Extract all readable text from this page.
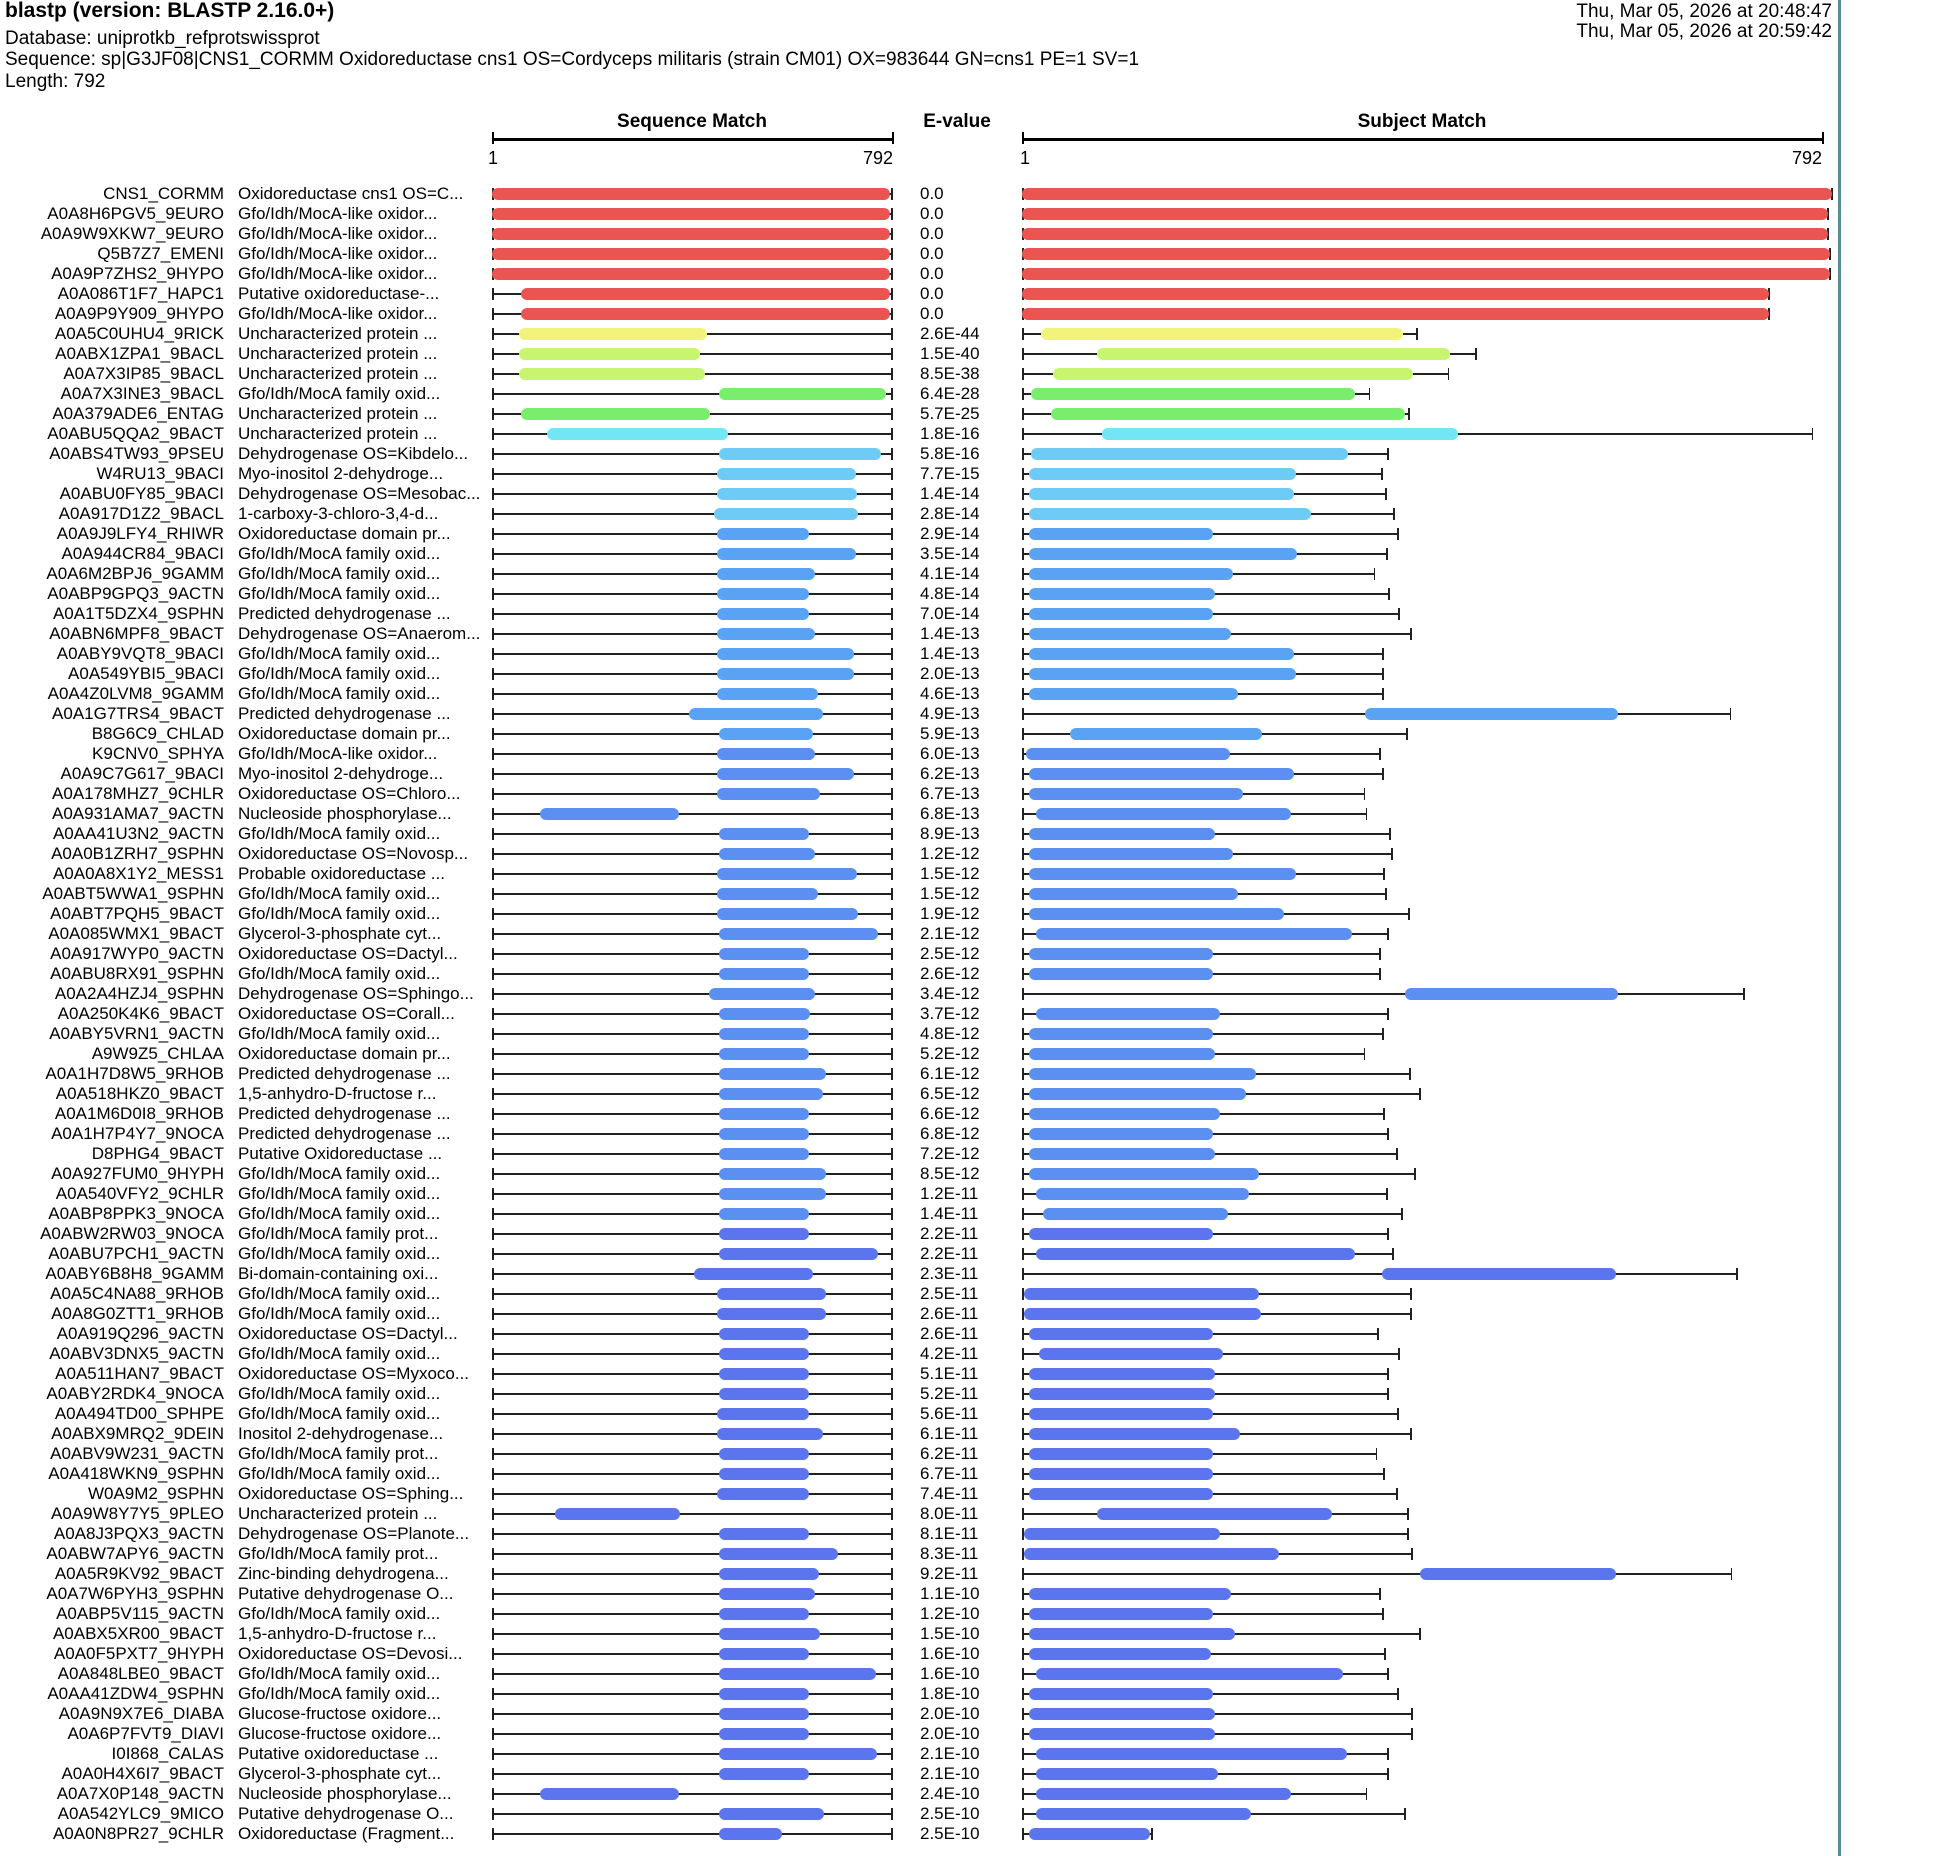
blastp (version: BLASTP 2.16.0+)
Database: uniprotkb_refprotswissprot
Sequence: sp|G3JF08|CNS1_CORMM Oxidoreductase cns1 OS=Cordyceps militaris (strain CM01) OX=983644 GN=cns1 PE=1 SV=1
Length: 792
Thu, Mar 05, 2026 at 20:48:47
Thu, Mar 05, 2026 at 20:59:42
Sequence Match	E-value	Subject Match
1	792	1	792
CNS1_CORMM Oxidoreductase cns1 OS=C...	0.0
A0A8H6PGV5_9EURO Gfo/Idh/MocA-like oxidor...	0.0
A0A9W9XKW7_9EURO Gfo/Idh/MocA-like oxidor...	0.0
Q5B7Z7_EMENI Gfo/Idh/MocA-like oxidor...	0.0
A0A9P7ZHS2_9HYPO Gfo/Idh/MocA-like oxidor...	0.0
A0A086T1F7_HAPC1 Putative oxidoreductase-...	0.0
A0A9P9Y909_9HYPO Gfo/Idh/MocA-like oxidor...	0.0
A0A5C0UHU4_9RICK Uncharacterized protein ...	2.6E-44
A0ABX1ZPA1_9BACL Uncharacterized protein ...	1.5E-40
A0A7X3IP85_9BACL Uncharacterized protein ...	8.5E-38
A0A7X3INE3_9BACL Gfo/Idh/MocA family oxid...	6.4E-28
A0A379ADE6_ENTAG Uncharacterized protein ...	5.7E-25
A0ABU5QQA2_9BACT Uncharacterized protein ...	1.8E-16
A0ABS4TW93_9PSEU Dehydrogenase OS=Kibdelo...	5.8E-16
W4RU13_9BACI Myo-inositol 2-dehydroge...	7.7E-15
A0ABU0FY85_9BACI Dehydrogenase OS=Mesobac...	1.4E-14
A0A917D1Z2_9BACL 1-carboxy-3-chloro-3,4-d...	2.8E-14
A0A9J9LFY4_RHIWR Oxidoreductase domain pr...	2.9E-14
A0A944CR84_9BACI Gfo/Idh/MocA family oxid...	3.5E-14
A0A6M2BPJ6_9GAMM Gfo/Idh/MocA family oxid...	4.1E-14
A0ABP9GPQ3_9ACTN Gfo/Idh/MocA family oxid...	4.8E-14
A0A1T5DZX4_9SPHN Predicted dehydrogenase ...	7.0E-14
A0ABN6MPF8_9BACT Dehydrogenase OS=Anaerom...	1.4E-13
A0ABY9VQT8_9BACI Gfo/Idh/MocA family oxid...	1.4E-13
A0A549YBI5_9BACI Gfo/Idh/MocA family oxid...	2.0E-13
A0A4Z0LVM8_9GAMM Gfo/Idh/MocA family oxid...	4.6E-13
A0A1G7TRS4_9BACT Predicted dehydrogenase ...	4.9E-13
B8G6C9_CHLAD Oxidoreductase domain pr...	5.9E-13
K9CNV0_SPHYA Gfo/Idh/MocA-like oxidor...	6.0E-13
A0A9C7G617_9BACI Myo-inositol 2-dehydroge...	6.2E-13
A0A178MHZ7_9CHLR Oxidoreductase OS=Chloro...	6.7E-13
A0A931AMA7_9ACTN Nucleoside phosphorylase...	6.8E-13
A0AA41U3N2_9ACTN Gfo/Idh/MocA family oxid...	8.9E-13
A0A0B1ZRH7_9SPHN Oxidoreductase OS=Novosp...	1.2E-12
A0A0A8X1Y2_MESS1 Probable oxidoreductase ...	1.5E-12
A0ABT5WWA1_9SPHN Gfo/Idh/MocA family oxid...	1.5E-12
A0ABT7PQH5_9BACT Gfo/Idh/MocA family oxid...	1.9E-12
A0A085WMX1_9BACT Glycerol-3-phosphate cyt...	2.1E-12
A0A917WYP0_9ACTN Oxidoreductase OS=Dactyl...	2.5E-12
A0ABU8RX91_9SPHN Gfo/Idh/MocA family oxid...	2.6E-12
A0A2A4HZJ4_9SPHN Dehydrogenase OS=Sphingo...	3.4E-12
A0A250K4K6_9BACT Oxidoreductase OS=Corall...	3.7E-12
A0ABY5VRN1_9ACTN Gfo/Idh/MocA family oxid...	4.8E-12
A9W9Z5_CHLAA Oxidoreductase domain pr...	5.2E-12
A0A1H7D8W5_9RHOB Predicted dehydrogenase ...	6.1E-12
A0A518HKZ0_9BACT 1,5-anhydro-D-fructose r...	6.5E-12
A0A1M6D0I8_9RHOB Predicted dehydrogenase ...	6.6E-12
A0A1H7P4Y7_9NOCA Predicted dehydrogenase ...	6.8E-12
D8PHG4_9BACT Putative Oxidoreductase ...	7.2E-12
A0A927FUM0_9HYPH Gfo/Idh/MocA family oxid...	8.5E-12
A0A540VFY2_9CHLR Gfo/Idh/MocA family oxid...	1.2E-11
A0ABP8PPK3_9NOCA Gfo/Idh/MocA family oxid...	1.4E-11
A0ABW2RW03_9NOCA Gfo/Idh/MocA family prot...	2.2E-11
A0ABU7PCH1_9ACTN Gfo/Idh/MocA family oxid...	2.2E-11
A0ABY6B8H8_9GAMM Bi-domain-containing oxi...	2.3E-11
A0A5C4NA88_9RHOB Gfo/Idh/MocA family oxid...	2.5E-11
A0A8G0ZTT1_9RHOB Gfo/Idh/MocA family oxid...	2.6E-11
A0A919Q296_9ACTN Oxidoreductase OS=Dactyl...	2.6E-11
A0ABV3DNX5_9ACTN Gfo/Idh/MocA family oxid...	4.2E-11
A0A511HAN7_9BACT Oxidoreductase OS=Myxoco...	5.1E-11
A0ABY2RDK4_9NOCA Gfo/Idh/MocA family oxid...	5.2E-11
A0A494TD00_SPHPE Gfo/Idh/MocA family oxid...	5.6E-11
A0ABX9MRQ2_9DEIN Inositol 2-dehydrogenase...	6.1E-11
A0ABV9W231_9ACTN Gfo/Idh/MocA family prot...	6.2E-11
A0A418WKN9_9SPHN Gfo/Idh/MocA family oxid...	6.7E-11
W0A9M2_9SPHN Oxidoreductase OS=Sphing...	7.4E-11
A0A9W8Y7Y5_9PLEO Uncharacterized protein ...	8.0E-11
A0A8J3PQX3_9ACTN Dehydrogenase OS=Planote...	8.1E-11
A0ABW7APY6_9ACTN Gfo/Idh/MocA family prot...	8.3E-11
A0A5R9KV92_9BACT Zinc-binding dehydrogena...	9.2E-11
A0A7W6PYH3_9SPHN Putative dehydrogenase O...	1.1E-10
A0ABP5V115_9ACTN Gfo/Idh/MocA family oxid...	1.2E-10
A0ABX5XR00_9BACT 1,5-anhydro-D-fructose r...	1.5E-10
A0A0F5PXT7_9HYPH Oxidoreductase OS=Devosi...	1.6E-10
A0A848LBE0_9BACT Gfo/Idh/MocA family oxid...	1.6E-10
A0AA41ZDW4_9SPHN Gfo/Idh/MocA family oxid...	1.8E-10
A0A9N9X7E6_DIABA Glucose-fructose oxidore...	2.0E-10
A0A6P7FVT9_DIAVI Glucose-fructose oxidore...	2.0E-10
I0I868_CALAS Putative oxidoreductase ...	2.1E-10
A0A0H4X6I7_9BACT Glycerol-3-phosphate cyt...	2.1E-10
A0A7X0P148_9ACTN Nucleoside phosphorylase...	2.4E-10
A0A542YLC9_9MICO Putative dehydrogenase O...	2.5E-10
A0A0N8PR27_9CHLR Oxidoreductase (Fragment...	2.5E-10
